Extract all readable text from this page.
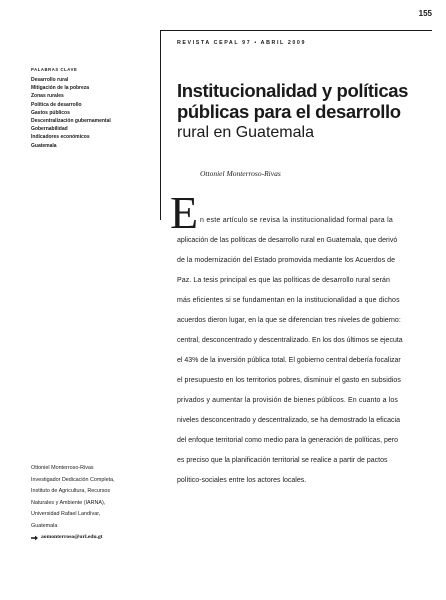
155
REVISTA CEPAL 97 • ABRIL 2009
PALABRAS CLAVE
Desarrollo rural
Mitigación de la pobreza
Zonas rurales
Política de desarrollo
Gastos públicos
Descentralización gubernamental
Gobernabilidad
Indicadores económicos
Guatemala
Institucionalidad y políticas
públicas para el desarrollo
rural en Guatemala
Ottoniel Monterroso-Rivas
E n este artículo se revisa la institucionalidad formal para la
aplicación de las políticas de desarrollo rural en Guatemala, que derivó
de la modernización del Estado promovida mediante los Acuerdos de
Paz. La tesis principal es que las políticas de desarrollo rural serán
más eficientes si se fundamentan en la institucionalidad a que dichos
acuerdos dieron lugar, en la que se diferencian tres niveles de gobierno:
central, desconcentrado y descentralizado. En los dos últimos se ejecuta
el 43% de la inversión pública total. El gobierno central debería focalizar
el presupuesto en los territorios pobres, disminuir el gasto en subsidios
privados y aumentar la provisión de bienes públicos. En cuanto a los
niveles desconcentrado y descentralizado, se ha demostrado la eficacia
del enfoque territorial como medio para la generación de políticas, pero
es preciso que la planificación territorial se realice a partir de pactos
político-sociales entre los actores locales.
Ottoniel Monterroso-Rivas
Investigador Dedicación Completa,
Instituto de Agricultura, Recursos
Naturales y Ambiente (IARNA),
Universidad Rafael Landívar,
Guatemala
aomonterroso@url.edu.gt
